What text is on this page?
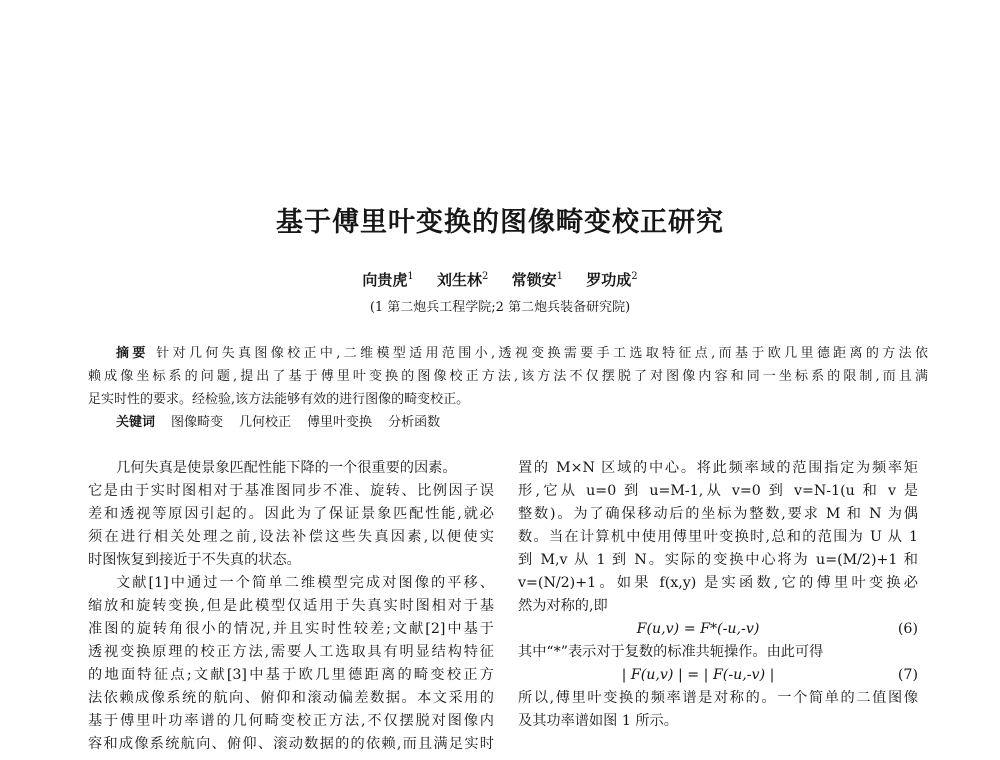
基于傅里叶变换的图像畸变校正研究
向贵虎$^1$ 刘生林$^2$ 常锁安$^1$ 罗功成$^2$
(1 第二炮兵工程学院;2 第二炮兵装备研究院)
摘要 针对几何失真图像校正中,二维模型适用范围小,透视变换需要手工选取特征点,而基于欧几里德距离的方法依
赖成像坐标系的问题,提出了基于傅里叶变换的图像校正方法,该方法不仅摆脱了对图像内容和同一坐标系的限制,而且满
足实时性的要求。经检验,该方法能够有效的进行图像的畸变校正。
关键词 图像畸变 几何校正 傅里叶变换 分析函数
几何失真是使景象匹配性能下降的一个很重要的因素。
它是由于实时图相对于基准图同步不准、旋转、比例因子误
差和透视等原因引起的。因此为了保证景象匹配性能,就必
须在进行相关处理之前,设法补偿这些失真因素,以便使实
时图恢复到接近于不失真的状态。
文献[1]中通过一个简单二维模型完成对图像的平移、
缩放和旋转变换,但是此模型仅适用于失真实时图相对于基
准图的旋转角很小的情况,并且实时性较差;文献[2]中基于
透视变换原理的校正方法,需要人工选取具有明显结构特征
的地面特征点;文献[3]中基于欧几里德距离的畸变校正方
法依赖成像系统的航向、俯仰和滚动偏差数据。本文采用的
基于傅里叶功率谱的几何畸变校正方法,不仅摆脱对图像内
容和成像系统航向、俯仰、滚动数据的的依赖,而且满足实时
置的 M×N 区域的中心。将此频率域的范围指定为频率矩
形,它从 u=0 到 u=M-1,从 v=0 到 v=N-1(u 和 v 是
整数)。为了确保移动后的坐标为整数,要求 M 和 N 为偶
数。当在计算机中使用傅里叶变换时,总和的范围为 U 从 1
到 M,v 从 1 到 N。实际的变换中心将为 u=(M/2)+1 和
v=(N/2)+1。如果 f(x,y) 是实函数,它的傅里叶变换必
然为对称的,即
F(u,v) = F*(-u,-v)	(6)
其中“*”表示对于复数的标准共轭操作。由此可得
| F(u,v) | = | F(-u,-v) |	(7)
所以,傅里叶变换的频率谱是对称的。一个简单的二值图像
及其功率谱如图 1 所示。
